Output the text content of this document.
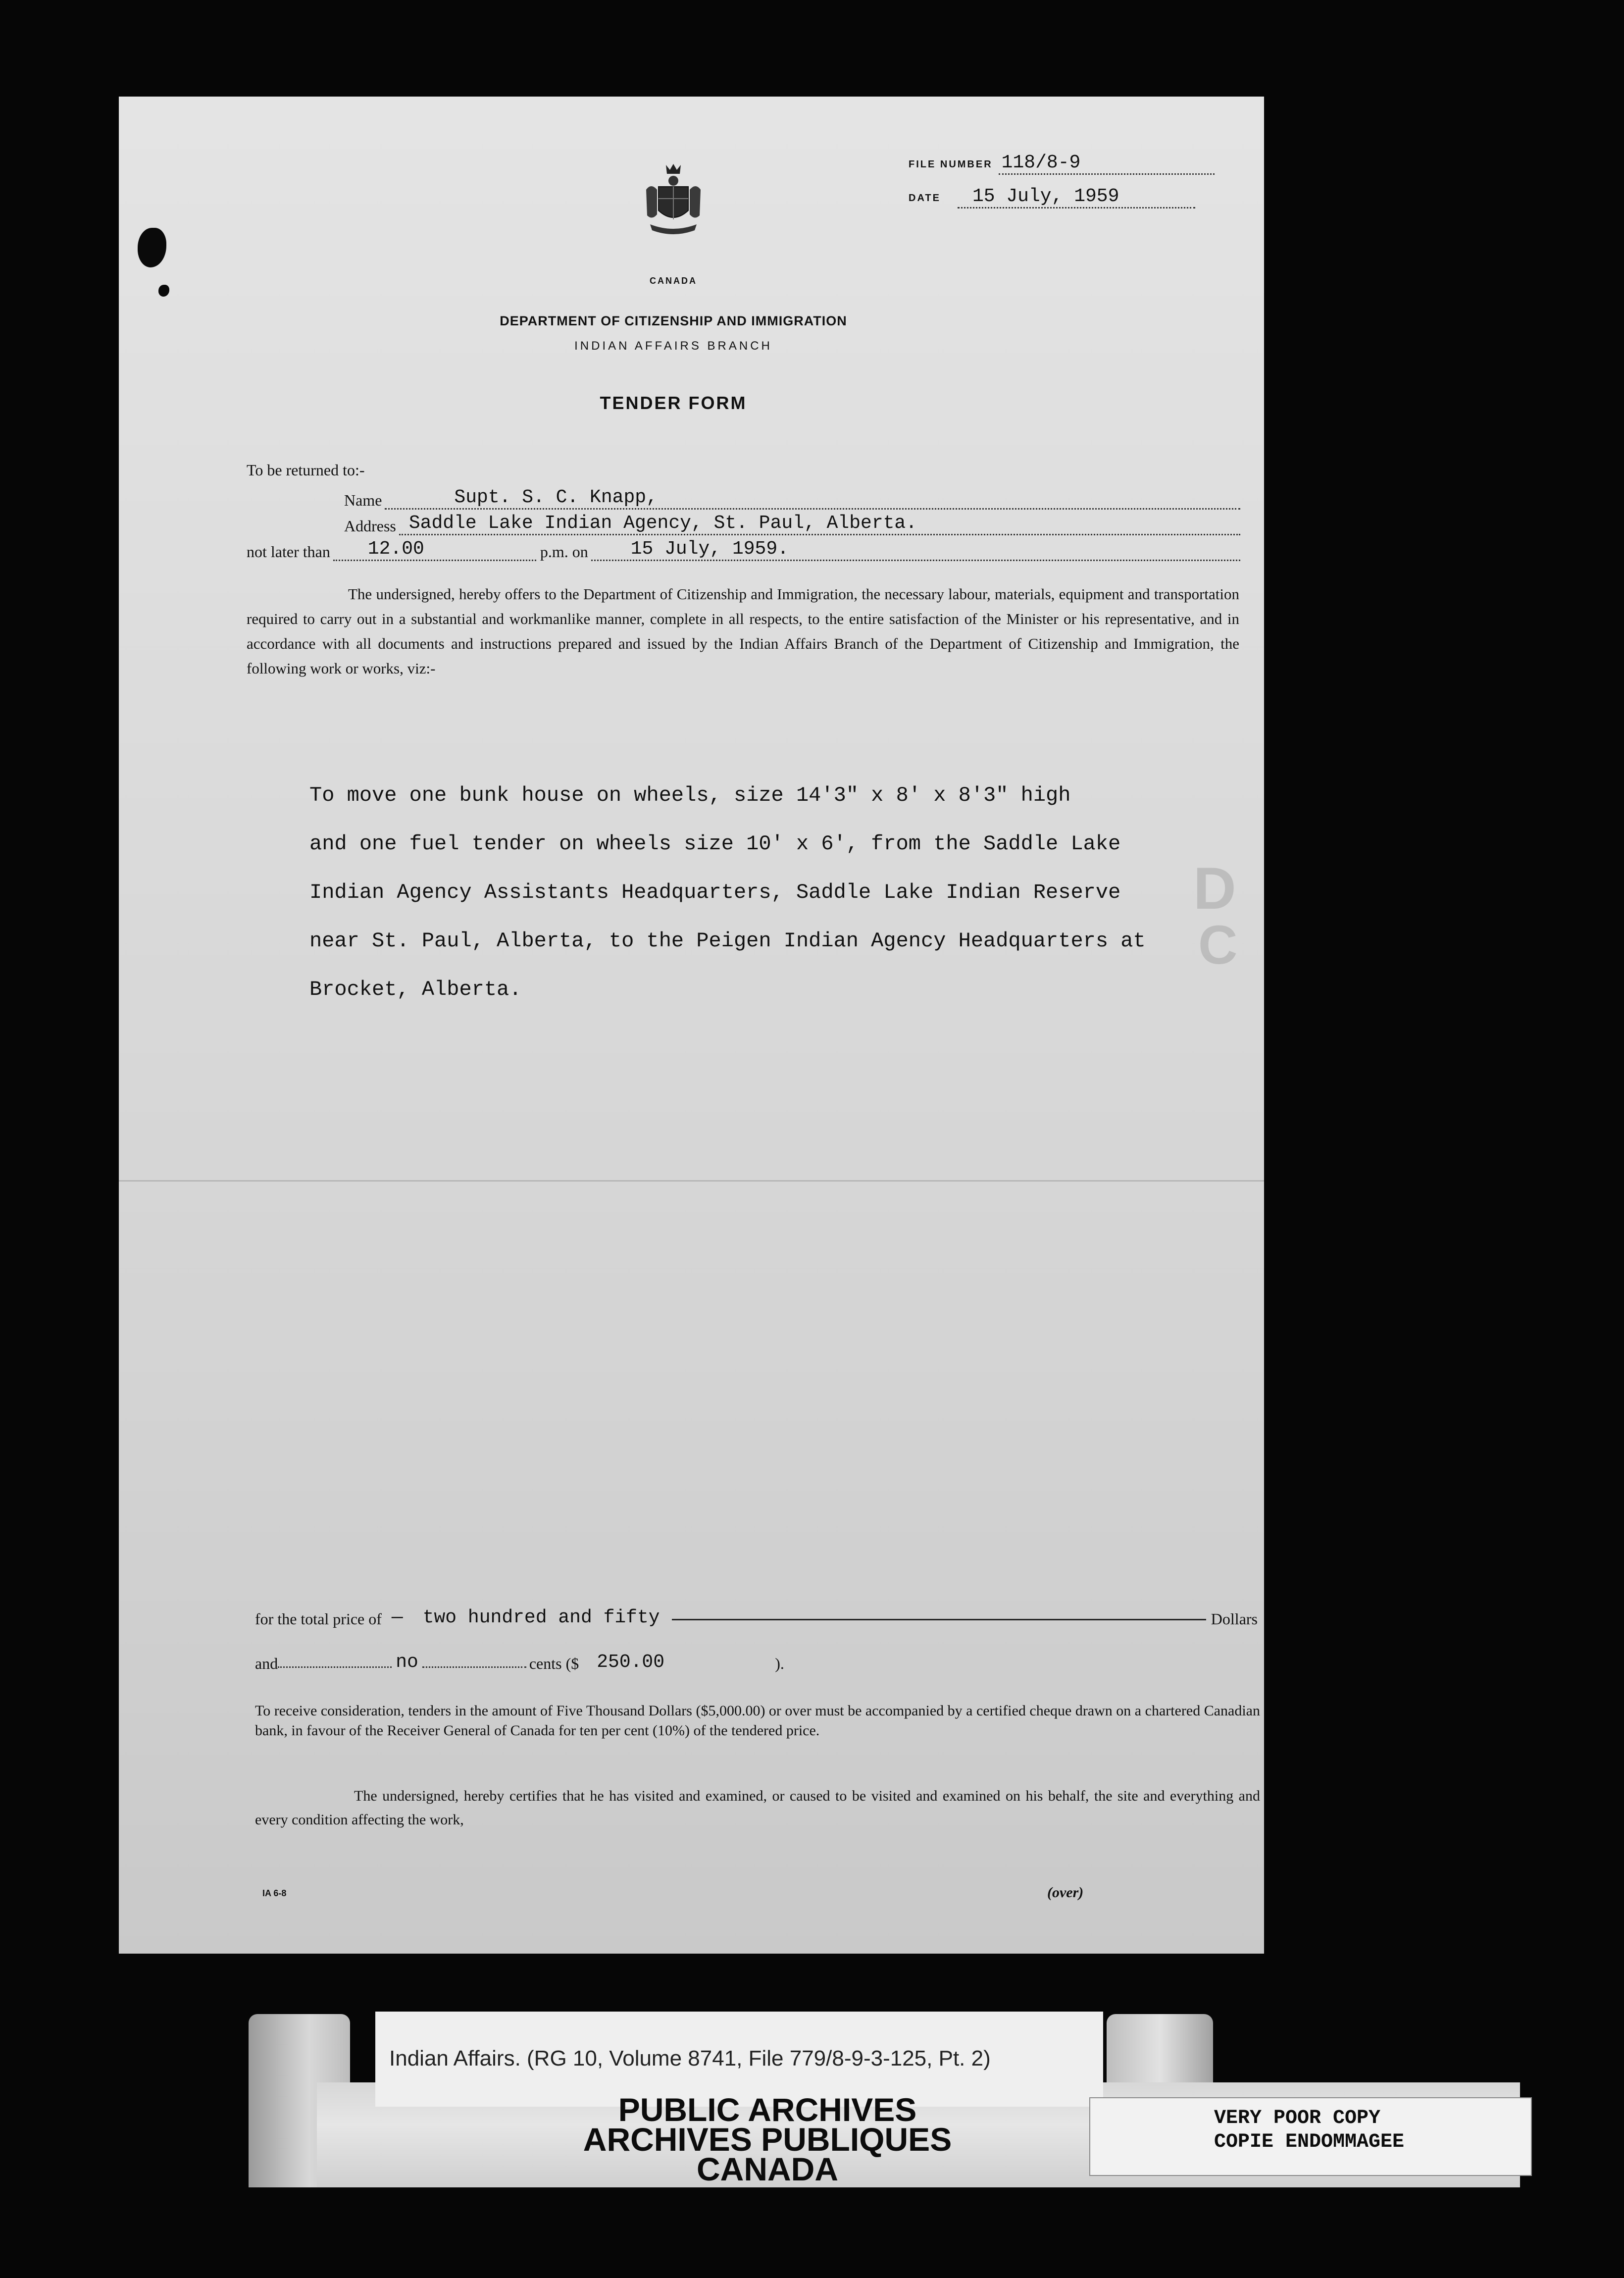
D
C
FILE NUMBER 118/8-9
DATE 15 July, 1959
CANADA
DEPARTMENT OF CITIZENSHIP AND IMMIGRATION
INDIAN AFFAIRS BRANCH
TENDER FORM
To be returned to:-
Name	Supt. S. C. Knapp,
Address Saddle Lake Indian Agency, St. Paul, Alberta.
not later than	12.00	p.m. on	15 July, 1959.
The undersigned, hereby offers to the Department of Citizenship and Immigration, the necessary labour, materials, equipment and transportation required to carry out in a substantial and workmanlike manner, complete in all respects, to the entire satisfaction of the Minister or his representative, and in accordance with all documents and instructions prepared and issued by the Indian Affairs Branch of the Department of Citizenship and Immigration, the following work or works, viz:-
To move one bunk house on wheels, size 14'3" x 8' x 8'3" high
and one fuel tender on wheels size 10' x 6', from the Saddle Lake
Indian Agency Assistants Headquarters, Saddle Lake Indian Reserve
near St. Paul, Alberta, to the Peigen Indian Agency Headquarters at
Brocket, Alberta.
for the total price of — two hundred and fifty	Dollars
and	no	cents ($ 250.00	).
To receive consideration, tenders in the amount of Five Thousand Dollars ($5,000.00) or over must be accompanied by a certified cheque drawn on a chartered Canadian bank, in favour of the Receiver General of Canada for ten per cent (10%) of the tendered price.
The undersigned, hereby certifies that he has visited and examined, or caused to be visited and examined on his behalf, the site and everything and every condition affecting the work,
IA 6-8	(over)
Indian Affairs. (RG 10, Volume 8741, File 779/8-9-3-125, Pt. 2)
PUBLIC ARCHIVES
ARCHIVES PUBLIQUES
CANADA
VERY POOR COPY
COPIE ENDOMMAGEE
